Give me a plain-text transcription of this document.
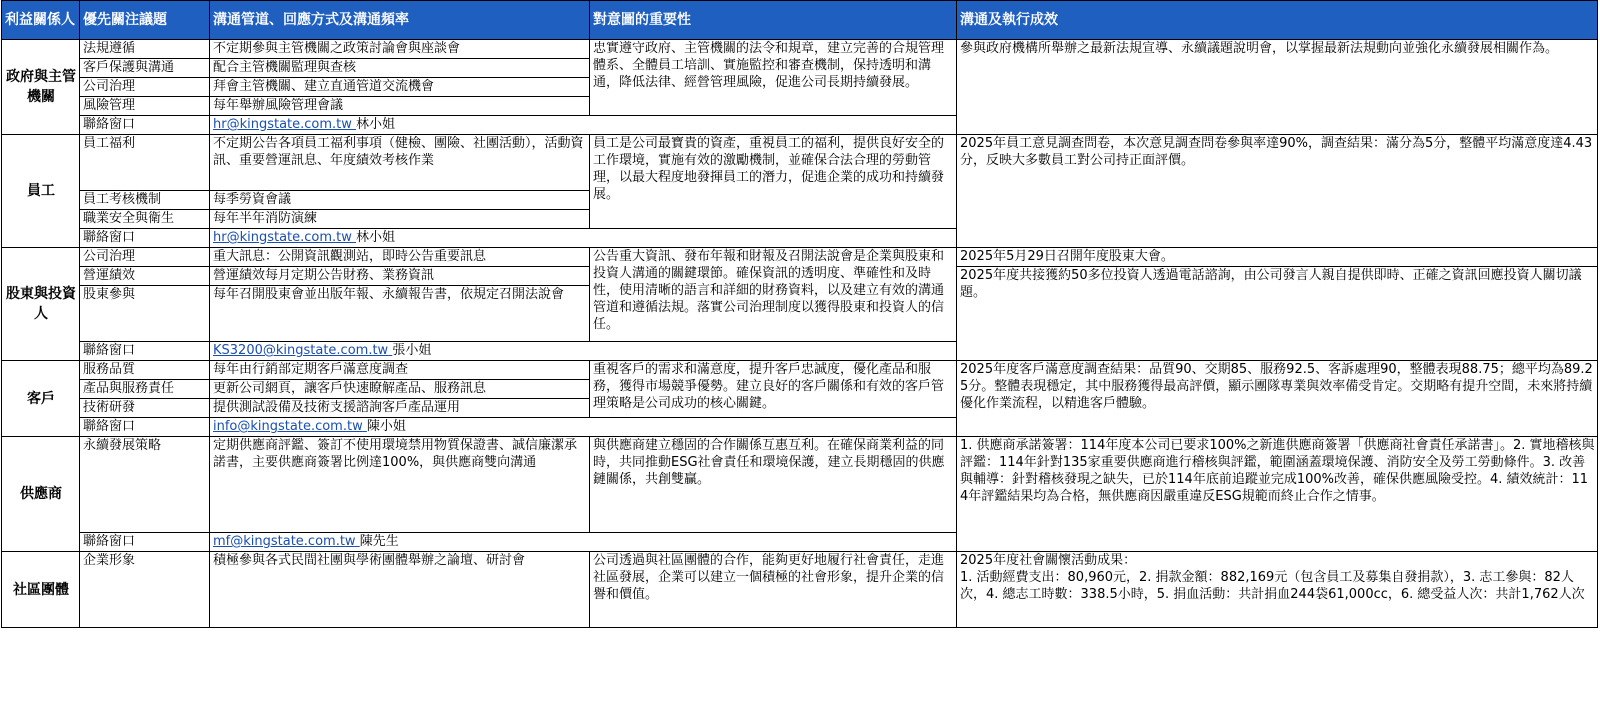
利益關係人	優先關注議題	溝通管道、回應方式及溝通頻率	對意圖的重要性	溝通及執行成效
政府與主管機關	法規遵循	不定期參與主管機關之政策討論會與座談會	忠實遵守政府、主管機關的法令和規章，建立完善的合規管理體系、全體員工培訓、實施監控和審查機制，保持透明和溝通，降低法律、經營管理風險，促進公司長期持續發展。	參與政府機構所舉辦之最新法規宣導、永續議題說明會，以掌握最新法規動向並強化永續發展相關作為。
	客戶保護與溝通	配合主管機關監理與查核		
	公司治理	拜會主管機關、建立直通管道交流機會		
	風險管理	每年舉辦風險管理會議		
	聯絡窗口	hr@kingstate.com.tw 林小姐		
員工	員工福利	不定期公告各項員工福利事項（健檢、團險、社團活動），活動資訊、重要營運訊息、年度績效考核作業	員工是公司最寶貴的資產，重視員工的福利，提供良好安全的工作環境，實施有效的激勵機制，並確保合法合理的勞動管理，以最大程度地發揮員工的潛力，促進企業的成功和持續發展。	2025年員工意見調查問卷，本次意見調查問卷參與率達90%，調查結果：滿分為5分，整體平均滿意度達4.43分，反映大多數員工對公司持正面評價。
	員工考核機制	每季勞資會議		
	職業安全與衛生	每年半年消防演練		
	聯絡窗口	hr@kingstate.com.tw 林小姐		
股東與投資人	公司治理	重大訊息：公開資訊觀測站，即時公告重要訊息	公告重大資訊、發布年報和財報及召開法說會是企業與股東和投資人溝通的關鍵環節。確保資訊的透明度、準確性和及時性，使用清晰的語言和詳細的財務資料，以及建立有效的溝通管道和遵循法規。落實公司治理制度以獲得股東和投資人的信任。	2025年5月29日召開年度股東大會。
	營運績效	營運績效每月定期公告財務、業務資訊		2025年度共接獲約50多位投資人透過電話諮詢，由公司發言人親自提供即時、正確之資訊回應投資人關切議題。
	股東參與	每年召開股東會並出版年報、永續報告書，依規定召開法說會		
	聯絡窗口	KS3200@kingstate.com.tw 張小姐		
客戶	服務品質	每年由行銷部定期客戶滿意度調查	重視客戶的需求和滿意度，提升客戶忠誠度，優化產品和服務，獲得市場競爭優勢。建立良好的客戶關係和有效的客戶管理策略是公司成功的核心關鍵。	2025年度客戶滿意度調查結果：品質90、交期85、服務92.5、客訴處理90，整體表現88.75；總平均為89.25分。整體表現穩定，其中服務獲得最高評價，顯示團隊專業與效率備受肯定。交期略有提升空間，未來將持續優化作業流程，以精進客戶體驗。
	產品與服務責任	更新公司網頁，讓客戶快速瞭解產品、服務訊息		
	技術研發	提供測試設備及技術支援諮詢客戶產品運用		
	聯絡窗口	info@kingstate.com.tw 陳小姐		
供應商	永續發展策略	定期供應商評鑑、簽訂不使用環境禁用物質保證書、誠信廉潔承諾書，主要供應商簽署比例達100%，與供應商雙向溝通	與供應商建立穩固的合作關係互惠互利。在確保商業利益的同時，共同推動ESG社會責任和環境保護，建立長期穩固的供應鏈關係，共創雙贏。	1. 供應商承諾簽署：114年度本公司已要求100%之新進供應商簽署「供應商社會責任承諾書」。2. 實地稽核與評鑑：114年針對135家重要供應商進行稽核與評鑑，範圍涵蓋環境保護、消防安全及勞工勞動條件。3. 改善與輔導：針對稽核發現之缺失，已於114年底前追蹤並完成100%改善，確保供應風險受控。4. 績效統計：114年評鑑結果均為合格，無供應商因嚴重違反ESG規範而終止合作之情事。
	聯絡窗口	mf@kingstate.com.tw 陳先生		
社區團體	企業形象	積極參與各式民間社團與學術團體舉辦之論壇、研討會	公司透過與社區團體的合作，能夠更好地履行社會責任，走進社區發展，企業可以建立一個積極的社會形象，提升企業的信譽和價值。	2025年度社會關懷活動成果：
1. 活動經費支出：80,960元，2. 捐款金額：882,169元（包含員工及募集自發捐款），3. 志工參與：82人次，4. 總志工時數：338.5小時，5. 捐血活動：共計捐血244袋61,000cc，6. 總受益人次：共計1,762人次
